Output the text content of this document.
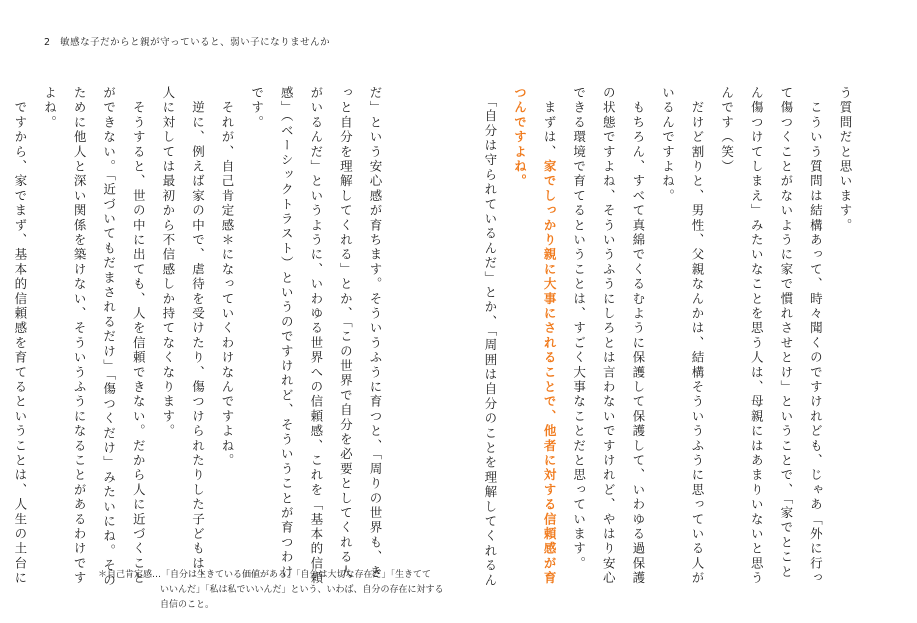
2 敏感な子だからと親が守っていると、弱い子になりませんか
う質問だと思います。
　こういう質問は結構あって、時々聞くのですけれども、じゃあ「外に行っ
て傷つくことがないように家で慣れさせとけ」ということで、「家でとこと
ん傷つけてしまえ」みたいなことを思う人は、母親にはあまりいないと思う
んです（笑）
　だけど割りと、男性、父親なんかは、結構そういうふうに思っている人が
いるんですよね。
　もちろん、すべて真綿でくるむように保護して保護して、いわゆる過保護
の状態ですよね、そういうふうにしろとは言わないですけれど、やはり安心
できる環境で育てるということは、すごく大事なことだと思っています。
　まずは、家でしっかり親に大事にされることで、他者に対する信頼感が育
つんですよね。
　「自分は守られているんだ」とか、「周囲は自分のことを理解してくれるん
だ」という安心感が育ちます。そういうふうに育つと、「周りの世界も、き
っと自分を理解してくれる」とか、「この世界で自分を必要としてくれる人
がいるんだ」というように、いわゆる世界への信頼感、これを「基本的信頼
感」（ベーシックトラスト）というのですけれど、そういうことが育つわけ
です。
　それが、自己肯定感＊になっていくわけなんですよね。
　逆に、例えば家の中で、虐待を受けたり、傷つけられたりした子どもは、
人に対しては最初から不信感しか持てなくなります。
　そうすると、世の中に出ても、人を信頼できない。だから人に近づくこと
ができない。「近づいてもだまされるだけ」「傷つくだけ」みたいにね。その
ために他人と深い関係を築けない、そういうふうになることがあるわけです
よね。
　ですから、家でまず、基本的信頼感を育てるということは、人生の土台に	＊自己肯定感…「自分は生きている価値がある」「自分は大切な存在だ」「生きてて
いいんだ」「私は私でいいんだ」という、いわば、自分の存在に対する
自信のこと。
